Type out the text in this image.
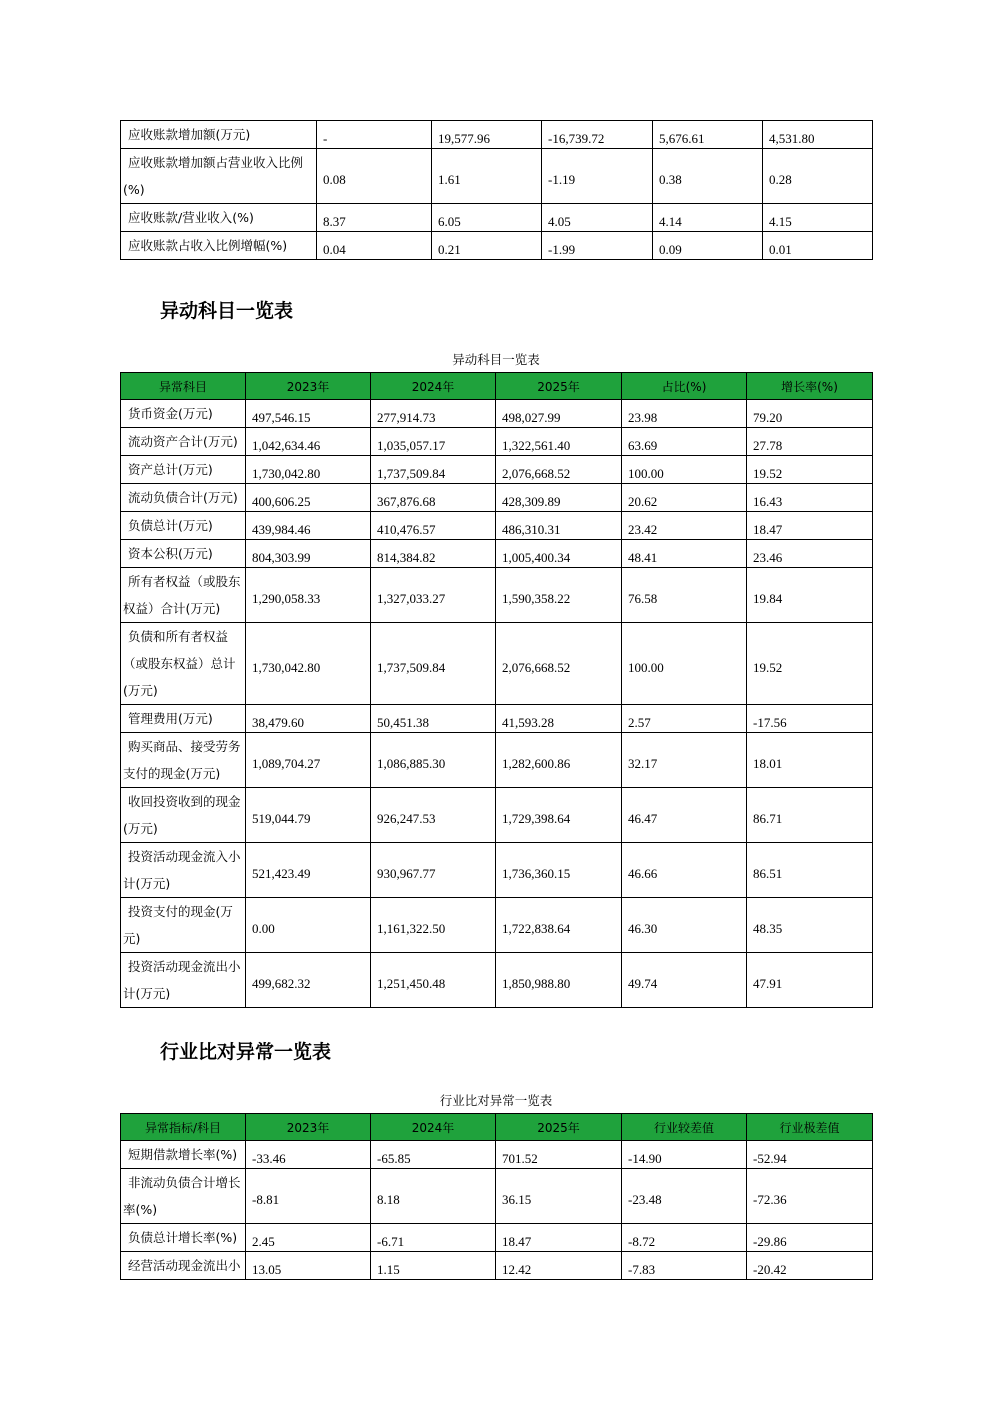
应收账款增加额(万元)	-	19,577.96	-16,739.72	5,676.61	4,531.80
应收账款增加额占营业收入比例(%)	0.08	1.61	-1.19	0.38	0.28
应收账款/营业收入(%)	8.37	6.05	4.05	4.14	4.15
应收账款占收入比例增幅(%)	0.04	0.21	-1.99	0.09	0.01
异动科目一览表
异动科目一览表
异常科目	2023年	2024年	2025年	占比(%)	增长率(%)
货币资金(万元)	497,546.15	277,914.73	498,027.99	23.98	79.20
流动资产合计(万元)	1,042,634.46	1,035,057.17	1,322,561.40	63.69	27.78
资产总计(万元)	1,730,042.80	1,737,509.84	2,076,668.52	100.00	19.52
流动负债合计(万元)	400,606.25	367,876.68	428,309.89	20.62	16.43
负债总计(万元)	439,984.46	410,476.57	486,310.31	23.42	18.47
资本公积(万元)	804,303.99	814,384.82	1,005,400.34	48.41	23.46
所有者权益（或股东权益）合计(万元)	1,290,058.33	1,327,033.27	1,590,358.22	76.58	19.84
负债和所有者权益（或股东权益）总计(万元)	1,730,042.80	1,737,509.84	2,076,668.52	100.00	19.52
管理费用(万元)	38,479.60	50,451.38	41,593.28	2.57	-17.56
购买商品、接受劳务支付的现金(万元)	1,089,704.27	1,086,885.30	1,282,600.86	32.17	18.01
收回投资收到的现金(万元)	519,044.79	926,247.53	1,729,398.64	46.47	86.71
投资活动现金流入小计(万元)	521,423.49	930,967.77	1,736,360.15	46.66	86.51
投资支付的现金(万元)	0.00	1,161,322.50	1,722,838.64	46.30	48.35
投资活动现金流出小计(万元)	499,682.32	1,251,450.48	1,850,988.80	49.74	47.91
行业比对异常一览表
行业比对异常一览表
异常指标/科目	2023年	2024年	2025年	行业较差值	行业极差值
短期借款增长率(%)	-33.46	-65.85	701.52	-14.90	-52.94
非流动负债合计增长率(%)	-8.81	8.18	36.15	-23.48	-72.36
负债总计增长率(%)	2.45	-6.71	18.47	-8.72	-29.86
经营活动现金流出小	13.05	1.15	12.42	-7.83	-20.42
